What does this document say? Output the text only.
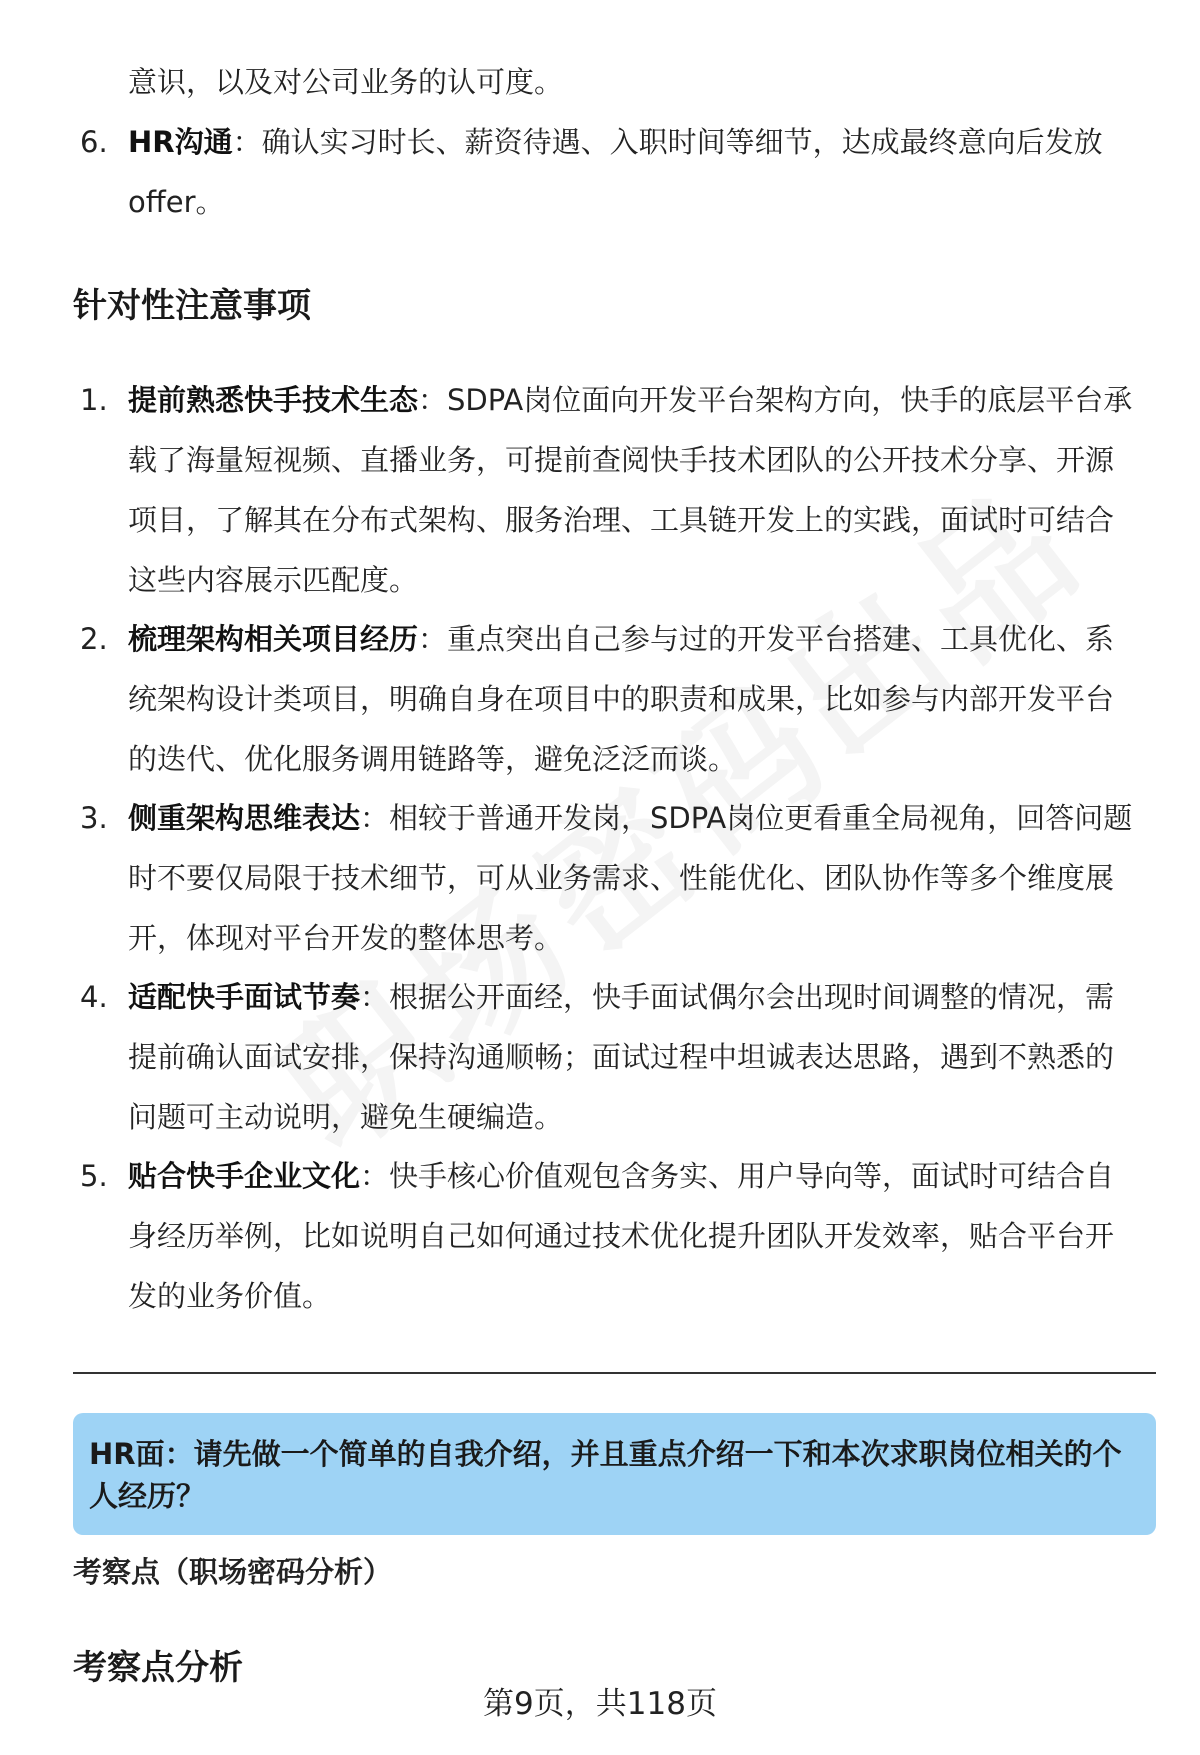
意识，以及对公司业务的认可度。
6. HR沟通：确认实习时长、薪资待遇、入职时间等细节，达成最终意向后发放offer。
针对性注意事项
1. 提前熟悉快手技术生态：SDPA岗位面向开发平台架构方向，快手的底层平台承载了海量短视频、直播业务，可提前查阅快手技术团队的公开技术分享、开源项目，了解其在分布式架构、服务治理、工具链开发上的实践，面试时可结合这些内容展示匹配度。
2. 梳理架构相关项目经历：重点突出自己参与过的开发平台搭建、工具优化、系统架构设计类项目，明确自身在项目中的职责和成果，比如参与内部开发平台的迭代、优化服务调用链路等，避免泛泛而谈。
3. 侧重架构思维表达：相较于普通开发岗，SDPA岗位更看重全局视角，回答问题时不要仅局限于技术细节，可从业务需求、性能优化、团队协作等多个维度展开，体现对平台开发的整体思考。
4. 适配快手面试节奏：根据公开面经，快手面试偶尔会出现时间调整的情况，需提前确认面试安排，保持沟通顺畅；面试过程中坦诚表达思路，遇到不熟悉的问题可主动说明，避免生硬编造。
5. 贴合快手企业文化：快手核心价值观包含务实、用户导向等，面试时可结合自身经历举例，比如说明自己如何通过技术优化提升团队开发效率，贴合平台开发的业务价值。
HR面：请先做一个简单的自我介绍，并且重点介绍一下和本次求职岗位相关的个人经历？
考察点（职场密码分析）
考察点分析
第9页，共118页
